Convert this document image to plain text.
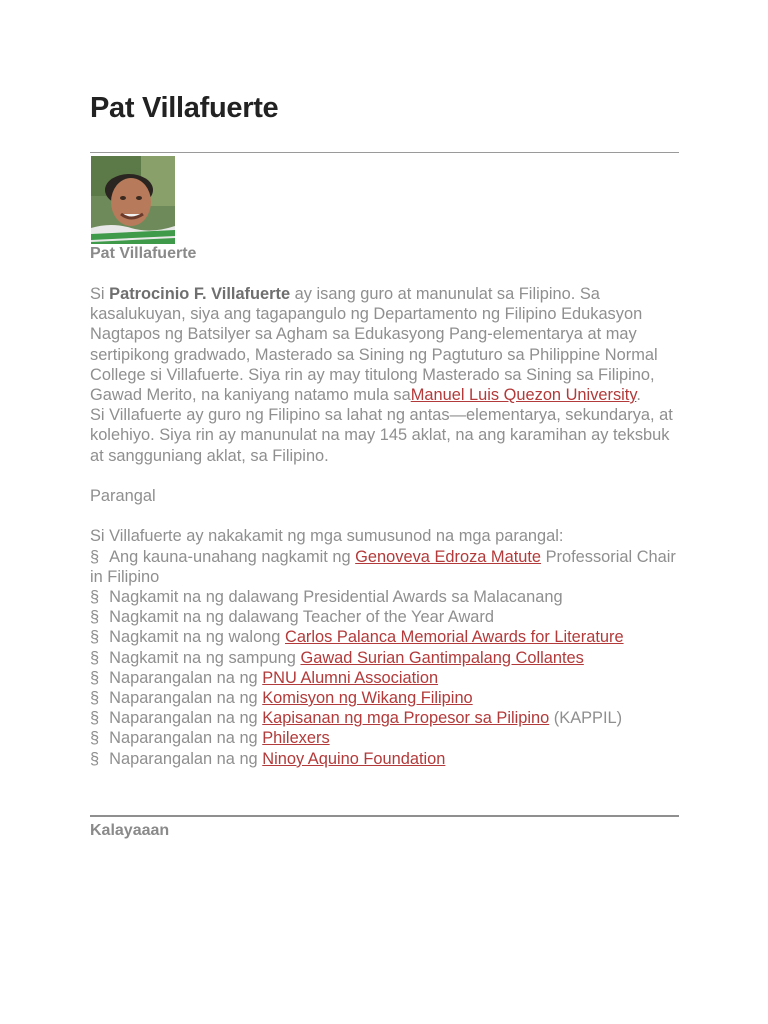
Pat Villafuerte
Pat Villafuerte

Si Patrocinio F. Villafuerte ay isang guro at manunulat sa Filipino. Sa kasalukuyan, siya ang tagapangulo ng Departamento ng Filipino Edukasyon

Nagtapos ng Batsilyer sa Agham sa Edukasyong Pang-elementarya at may sertipikong gradwado, Masterado sa Sining ng Pagtuturo sa Philippine Normal College si Villafuerte. Siya rin ay may titulong Masterado sa Sining sa Filipino, Gawad Merito, na kaniyang natamo mula saManuel Luis Quezon University.

Si Villafuerte ay guro ng Filipino sa lahat ng antas—elementarya, sekundarya, at kolehiyo. Siya rin ay manunulat na may 145 aklat, na ang karamihan ay teksbuk at sangguniang aklat, sa Filipino.

Parangal

Si Villafuerte ay nakakamit ng mga sumusunod na mga parangal:

§ Ang kauna-unahang nagkamit ng Genoveva Edroza Matute Professorial Chair in Filipino
§ Nagkamit na ng dalawang Presidential Awards sa Malacanang
§ Nagkamit na ng dalawang Teacher of the Year Award
§ Nagkamit na ng walong Carlos Palanca Memorial Awards for Literature
§ Nagkamit na ng sampung Gawad Surian Gantimpalang Collantes
§ Naparangalan na ng PNU Alumni Association
§ Naparangalan na ng Komisyon ng Wikang Filipino
§ Naparangalan na ng Kapisanan ng mga Propesor sa Pilipino (KAPPIL)
§ Naparangalan na ng Philexers
§ Naparangalan na ng Ninoy Aquino Foundation
Kalayaaan
